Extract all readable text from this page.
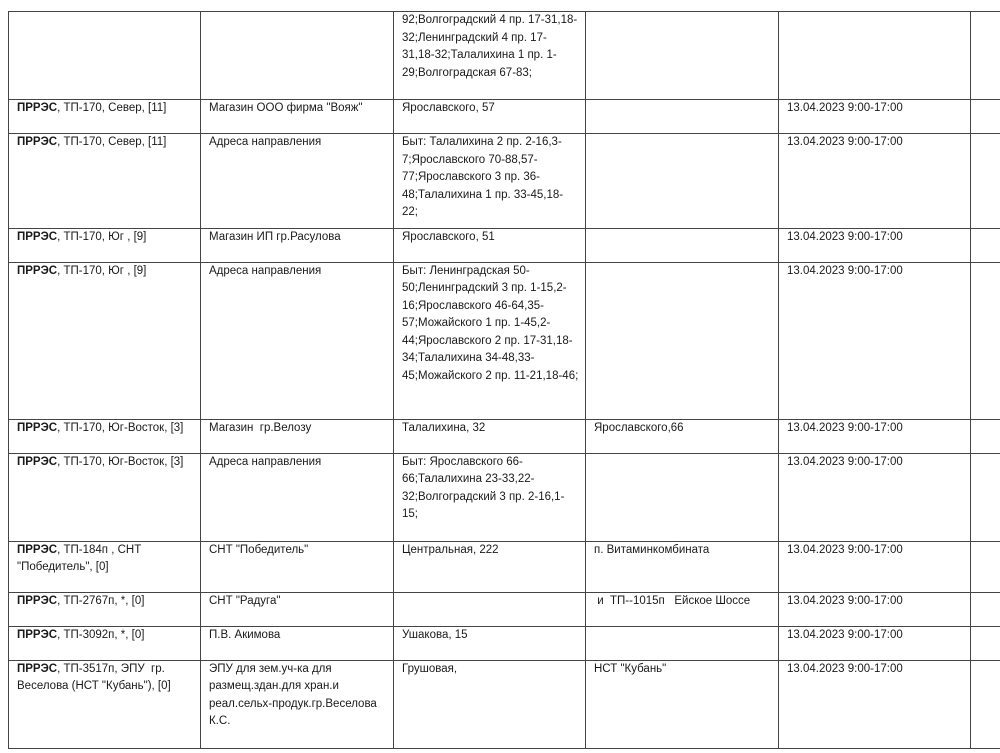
		92;Волгоградский 4 пр. 17-31,18-32;Ленинградский 4 пр. 17-31,18-32;Талалихина 1 пр. 1-29;Волгоградская 67-83;			
ПРРЭС, ТП-170, Север, [11]	Магазин ООО фирма "Вояж"	Ярославского, 57		13.04.2023 9:00-17:00	
ПРРЭС, ТП-170, Север, [11]	Адреса направления	Быт: Талалихина 2 пр. 2-16,3-7;Ярославского 70-88,57-77;Ярославского 3 пр. 36-48;Талалихина 1 пр. 33-45,18-22;		13.04.2023 9:00-17:00	
ПРРЭС, ТП-170, Юг , [9]	Магазин ИП гр.Расулова	Ярославского, 51		13.04.2023 9:00-17:00	
ПРРЭС, ТП-170, Юг , [9]	Адреса направления	Быт: Ленинградская 50-50;Ленинградский 3 пр. 1-15,2-16;Ярославского 46-64,35-57;Можайского 1 пр. 1-45,2-44;Ярославского 2 пр. 17-31,18-34;Талалихина 34-48,33-45;Можайского 2 пр. 11-21,18-46;		13.04.2023 9:00-17:00	
ПРРЭС, ТП-170, Юг-Восток, [3]	Магазин  гр.Велозу	Талалихина, 32	Ярославского,66	13.04.2023 9:00-17:00	
ПРРЭС, ТП-170, Юг-Восток, [3]	Адреса направления	Быт: Ярославского 66-66;Талалихина 23-33,22-32;Волгоградский 3 пр. 2-16,1-15;		13.04.2023 9:00-17:00	
ПРРЭС, ТП-184п , СНТ "Победитель", [0]	СНТ "Победитель"	Центральная, 222	п. Витаминкомбината	13.04.2023 9:00-17:00	
ПРРЭС, ТП-2767п, *, [0]	СНТ "Радуга"		и  ТП--1015п   Ейское Шоссе	13.04.2023 9:00-17:00	
ПРРЭС, ТП-3092п, *, [0]	П.В. Акимова	Ушакова, 15		13.04.2023 9:00-17:00	
ПРРЭС, ТП-3517п, ЭПУ  гр. Веселова (НСТ "Кубань"), [0]	ЭПУ для зем.уч-ка для размещ.здан.для хран.и реал.сельх-продук.гр.Веселова К.С.	Грушовая,	НСТ "Кубань"	13.04.2023 9:00-17:00	
